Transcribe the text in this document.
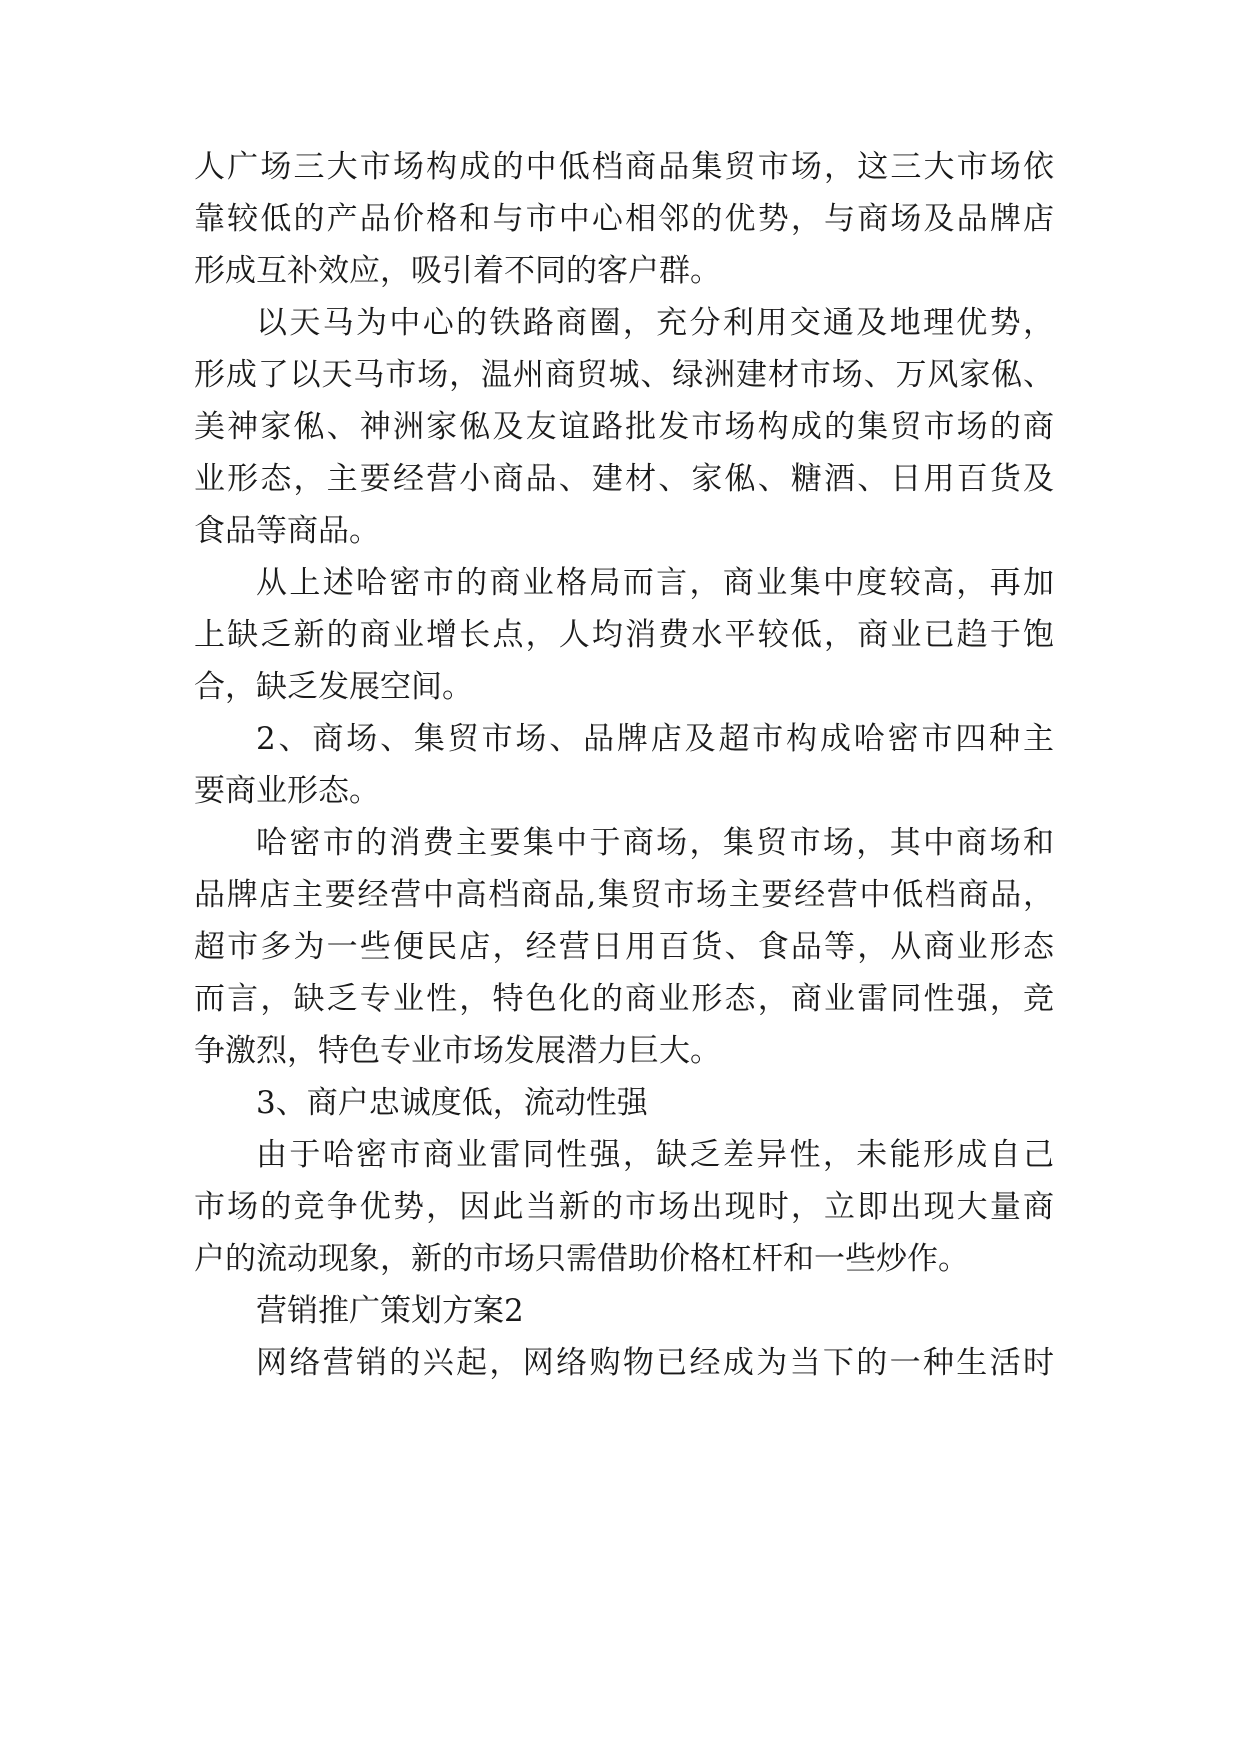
人广场三大市场构成的中低档商品集贸市场，这三大市场依
靠较低的产品价格和与市中心相邻的优势，与商场及品牌店
形成互补效应，吸引着不同的客户群。
以天马为中心的铁路商圈，充分利用交通及地理优势，
形成了以天马市场，温州商贸城、绿洲建材市场、万风家俬、
美神家俬、神洲家俬及友谊路批发市场构成的集贸市场的商
业形态，主要经营小商品、建材、家俬、糖酒、日用百货及
食品等商品。
从上述哈密市的商业格局而言，商业集中度较高，再加
上缺乏新的商业增长点，人均消费水平较低，商业已趋于饱
合，缺乏发展空间。
2、商场、集贸市场、品牌店及超市构成哈密市四种主
要商业形态。
哈密市的消费主要集中于商场，集贸市场，其中商场和
品牌店主要经营中高档商品,集贸市场主要经营中低档商品，
超市多为一些便民店，经营日用百货、食品等，从商业形态
而言，缺乏专业性，特色化的商业形态，商业雷同性强，竞
争激烈，特色专业市场发展潜力巨大。
3、商户忠诚度低，流动性强
由于哈密市商业雷同性强，缺乏差异性，未能形成自己
市场的竞争优势，因此当新的市场出现时，立即出现大量商
户的流动现象，新的市场只需借助价格杠杆和一些炒作。
营销推广策划方案2
网络营销的兴起，网络购物已经成为当下的一种生活时
